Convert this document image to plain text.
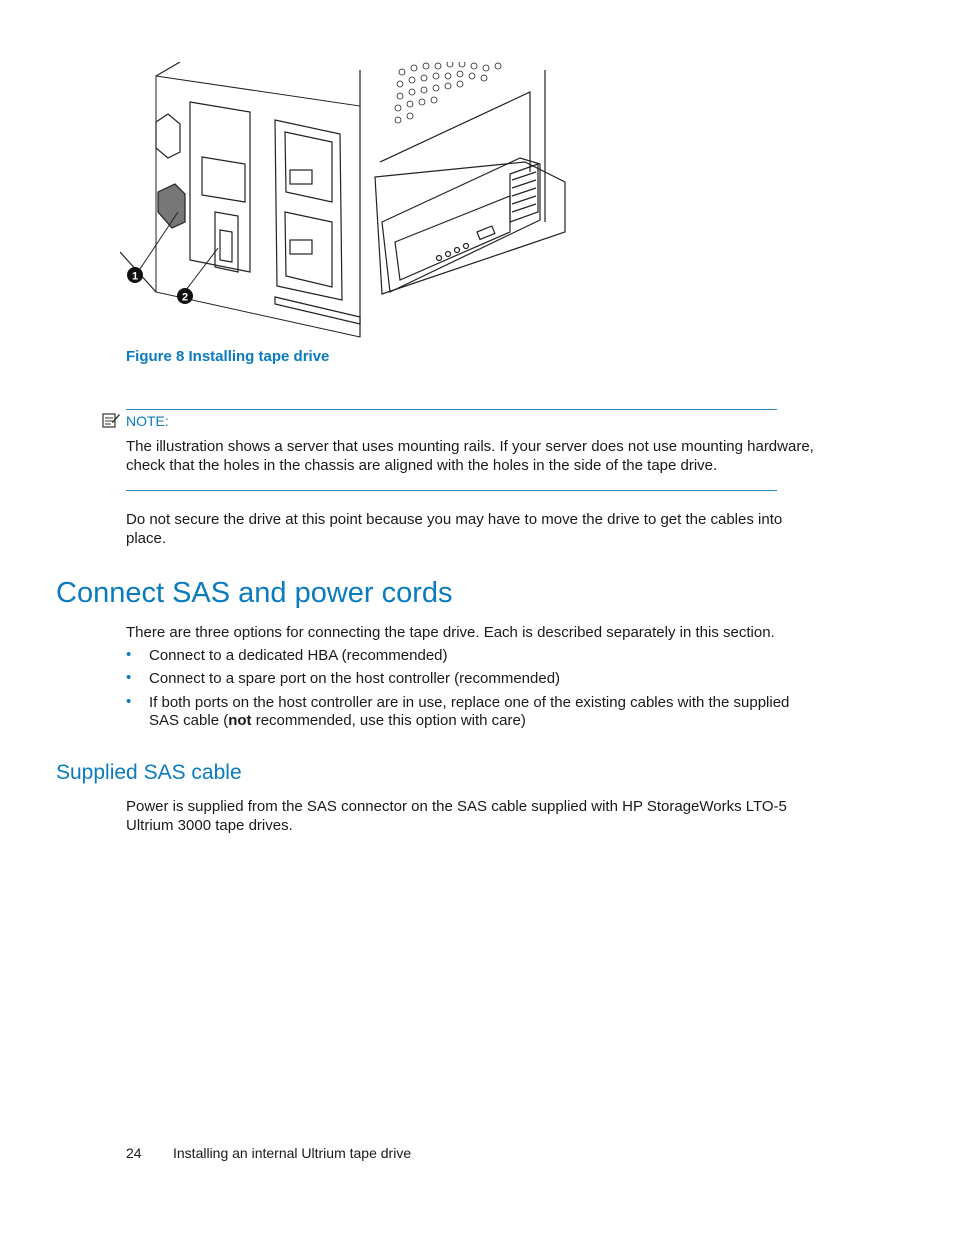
1
2
Figure 8 Installing tape drive
NOTE:

The illustration shows a server that uses mounting rails. If your server does not use mounting hardware,

check that the holes in the chassis are aligned with the holes in the side of the tape drive.

Do not secure the drive at this point because you may have to move the drive to get the cables into

place.

Connect SAS and power cords

There are three options for connecting the tape drive. Each is described separately in this section.

• Connect to a dedicated HBA (recommended)

• Connect to a spare port on the host controller (recommended)

• If both ports on the host controller are in use, replace one of the existing cables with the supplied

SAS cable (not recommended, use this option with care)

Supplied SAS cable

Power is supplied from the SAS connector on the SAS cable supplied with HP StorageWorks LTO-5

Ultrium 3000 tape drives.

24 Installing an internal Ultrium tape drive
